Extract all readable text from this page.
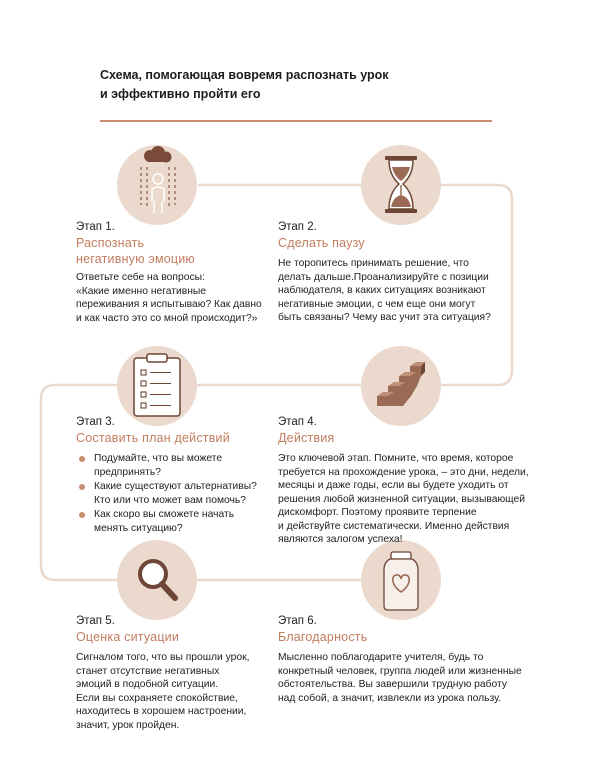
Схема, помогающая вовремя распознать урок
и эффективно пройти его
Этап 1.
Распознать
негативную эмоцию
Ответьте себе на вопросы:
«Какие именно негативные
переживания я испытываю? Как давно
и как часто это со мной происходит?»
Этап 2.
Сделать паузу
Не торопитесь принимать решение, что
делать дальше.Проанализируйте с позиции
наблюдателя, в каких ситуациях возникают
негативные эмоции, с чем еще они могут
быть связаны? Чему вас учит эта ситуация?
Этап 3.
Составить план действий
Подумайте, что вы можете
предпринять?
Какие существуют альтернативы?
Кто или что может вам помочь?
Как скоро вы сможете начать
менять ситуацию?
Этап 4.
Действия
Это ключевой этап. Помните, что время, которое
требуется на прохождение урока, – это дни, недели,
месяцы и даже годы, если вы будете уходить от
решения любой жизненной ситуации, вызывающей
дискомфорт. Поэтому проявите терпение
и действуйте систематически. Именно действия
являются залогом успеха!
Этап 5.
Оценка ситуации
Сигналом того, что вы прошли урок,
станет отсутствие негативных
эмоций в подобной ситуации.
Если вы сохраняете спокойствие,
находитесь в хорошем настроении,
значит, урок пройден.
Этап 6.
Благодарность
Мысленно поблагодарите учителя, будь то
конкретный человек, группа людей или жизненные
обстоятельства. Вы завершили трудную работу
над собой, а значит, извлекли из урока пользу.
